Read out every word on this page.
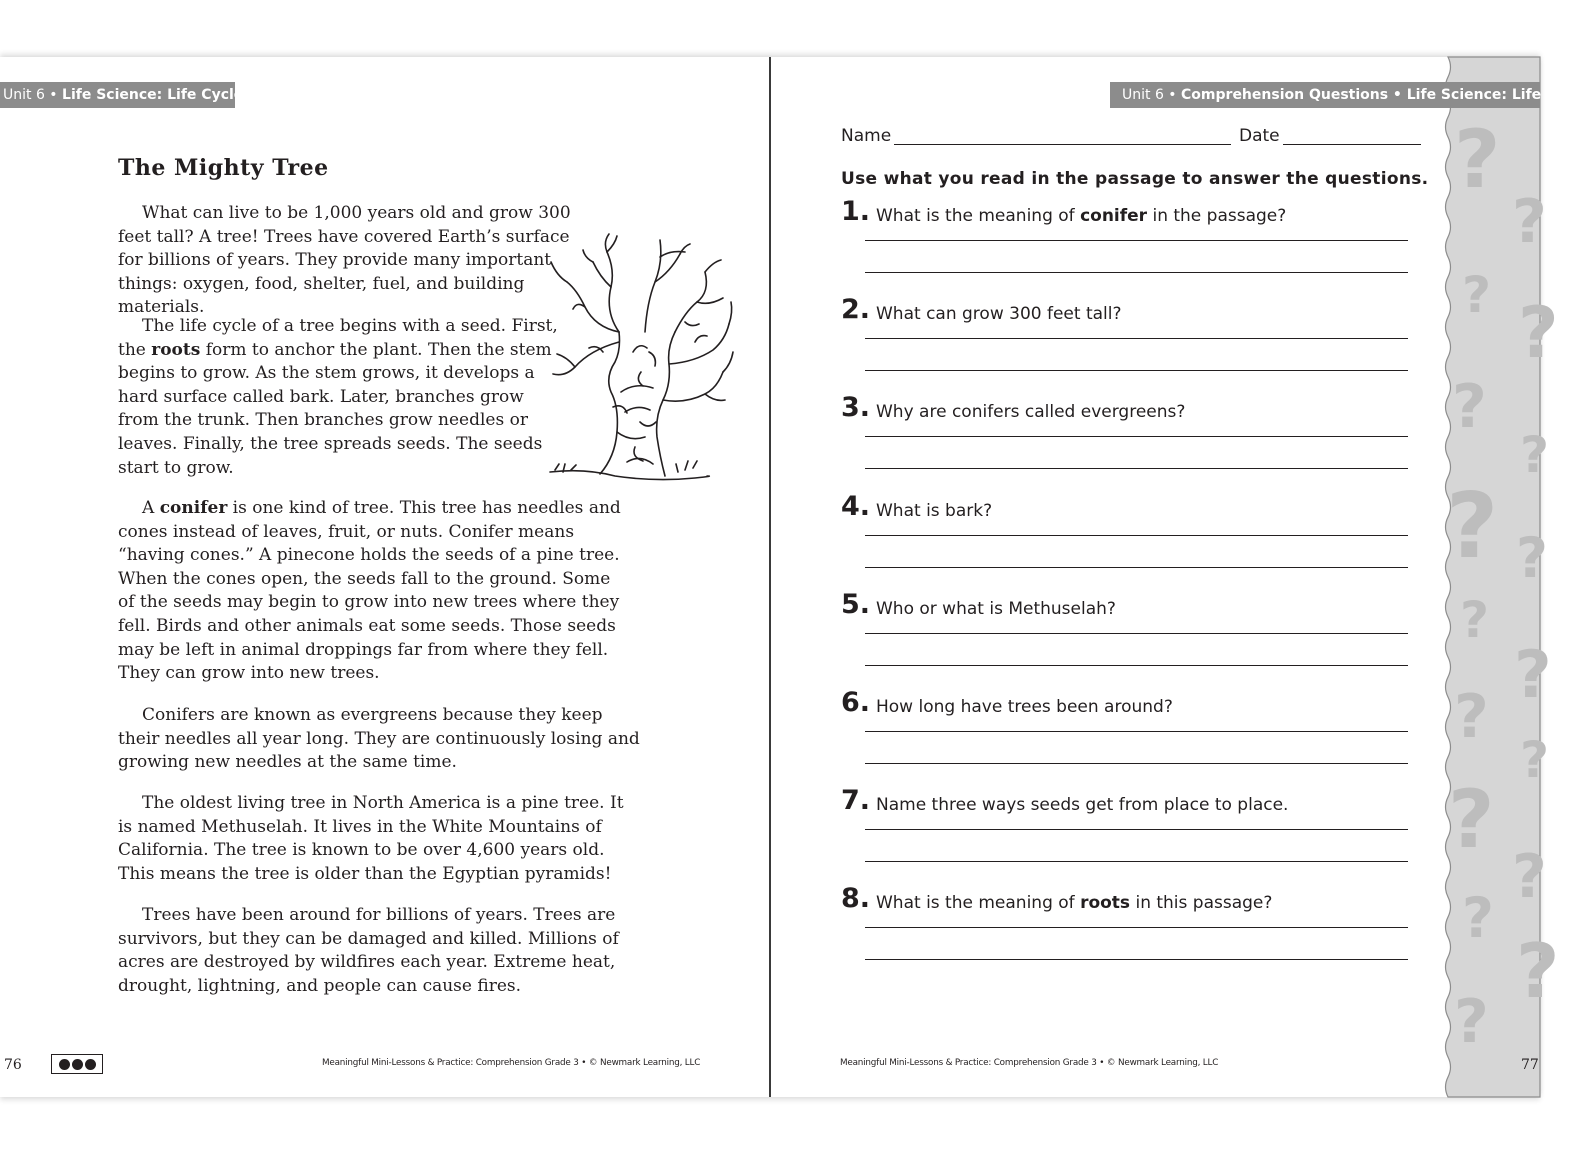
Unit 6 • Life Science: Life Cycles
The Mighty Tree

What can live to be 1,000 years old and grow 300 feet tall? A tree! Trees have covered Earth’s surface for billions of years. They provide many important things: oxygen, food, shelter, fuel, and building materials.

The life cycle of a tree begins with a seed. First, the roots form to anchor the plant. Then the stem begins to grow. As the stem grows, it develops a hard surface called bark. Later, branches grow from the trunk. Then branches grow needles or leaves. Finally, the tree spreads seeds. The seeds start to grow.

A conifer is one kind of tree. This tree has needles and cones instead of leaves, fruit, or nuts. Conifer means “having cones.” A pinecone holds the seeds of a pine tree. When the cones open, the seeds fall to the ground. Some of the seeds may begin to grow into new trees where they fell. Birds and other animals eat some seeds. Those seeds may be left in animal droppings far from where they fell. They can grow into new trees.

Conifers are known as evergreens because they keep their needles all year long. They are continuously losing and growing new needles at the same time.

The oldest living tree in North America is a pine tree. It is named Methuselah. It lives in the White Mountains of California. The tree is known to be over 4,600 years old. This means the tree is older than the Egyptian pyramids!

Trees have been around for billions of years. Trees are survivors, but they can be damaged and killed. Millions of acres are destroyed by wildfires each year. Extreme heat, drought, lightning, and people can cause fires.

76	Meaningful Mini-Lessons & Practice: Comprehension Grade 3 • © Newmark Learning, LLC
?
?
? ?
?
?
? ?
?
?
?
?
?
?
?
?
?
Unit 6 • Comprehension Questions • Life Science: Life Cycles
Name	Date

Use what you read in the passage to answer the questions.

1. What is the meaning of conifer in the passage?
2. What can grow 300 feet tall?
3. Why are conifers called evergreens?
4. What is bark?
5. Who or what is Methuselah?
6. How long have trees been around?
7. Name three ways seeds get from place to place.
8. What is the meaning of roots in this passage?
Meaningful Mini-Lessons & Practice: Comprehension Grade 3 • © Newmark Learning, LLC	77
